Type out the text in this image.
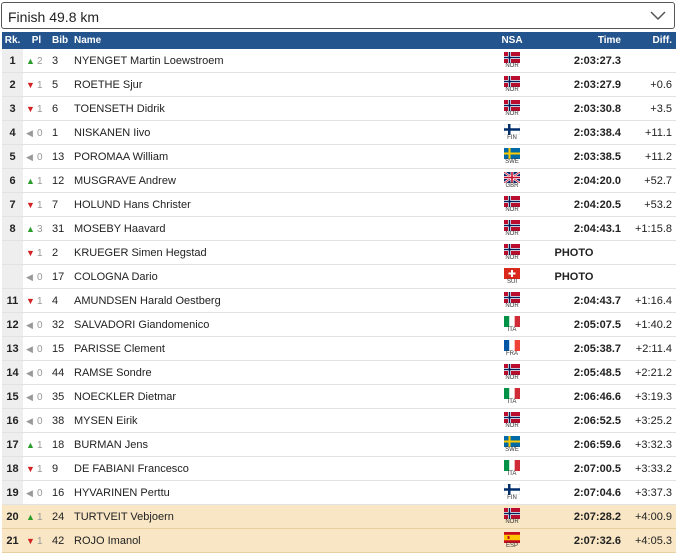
Finish 49.8 km
Rk.	Pl	Bib	Name	NSA	Time	Diff.
1	▲ 2	3	NYENGET Martin Loewstroem	NOR	2:03:27.3	
2	▼ 1	5	ROETHE Sjur	NOR	2:03:27.9	+0.6
3	▼ 1	6	TOENSETH Didrik	NOR	2:03:30.8	+3.5
4	◀ 0	1	NISKANEN Iivo	FIN	2:03:38.4	+11.1
5	◀ 0	13	POROMAA William	SWE	2:03:38.5	+11.2
6	▲ 1	12	MUSGRAVE Andrew	GBR	2:04:20.0	+52.7
7	▼ 1	7	HOLUND Hans Christer	NOR	2:04:20.5	+53.2
8	▲ 3	31	MOSEBY Haavard	NOR	2:04:43.1	+1:15.8
	▼ 1	2	KRUEGER Simen Hegstad	NOR	PHOTO	
	◀ 0	17	COLOGNA Dario	SUI	PHOTO	
11	▼ 1	4	AMUNDSEN Harald Oestberg	NOR	2:04:43.7	+1:16.4
12	◀ 0	32	SALVADORI Giandomenico	ITA	2:05:07.5	+1:40.2
13	◀ 0	15	PARISSE Clement	FRA	2:05:38.7	+2:11.4
14	◀ 0	44	RAMSE Sondre	NOR	2:05:48.5	+2:21.2
15	◀ 0	35	NOECKLER Dietmar	ITA	2:06:46.6	+3:19.3
16	◀ 0	38	MYSEN Eirik	NOR	2:06:52.5	+3:25.2
17	▲ 1	18	BURMAN Jens	SWE	2:06:59.6	+3:32.3
18	▼ 1	9	DE FABIANI Francesco	ITA	2:07:00.5	+3:33.2
19	◀ 0	16	HYVARINEN Perttu	FIN	2:07:04.6	+3:37.3
20	▲ 1	24	TURTVEIT Vebjoern	NOR	2:07:28.2	+4:00.9
21	▼ 1	42	ROJO Imanol	ESP	2:07:32.6	+4:05.3
